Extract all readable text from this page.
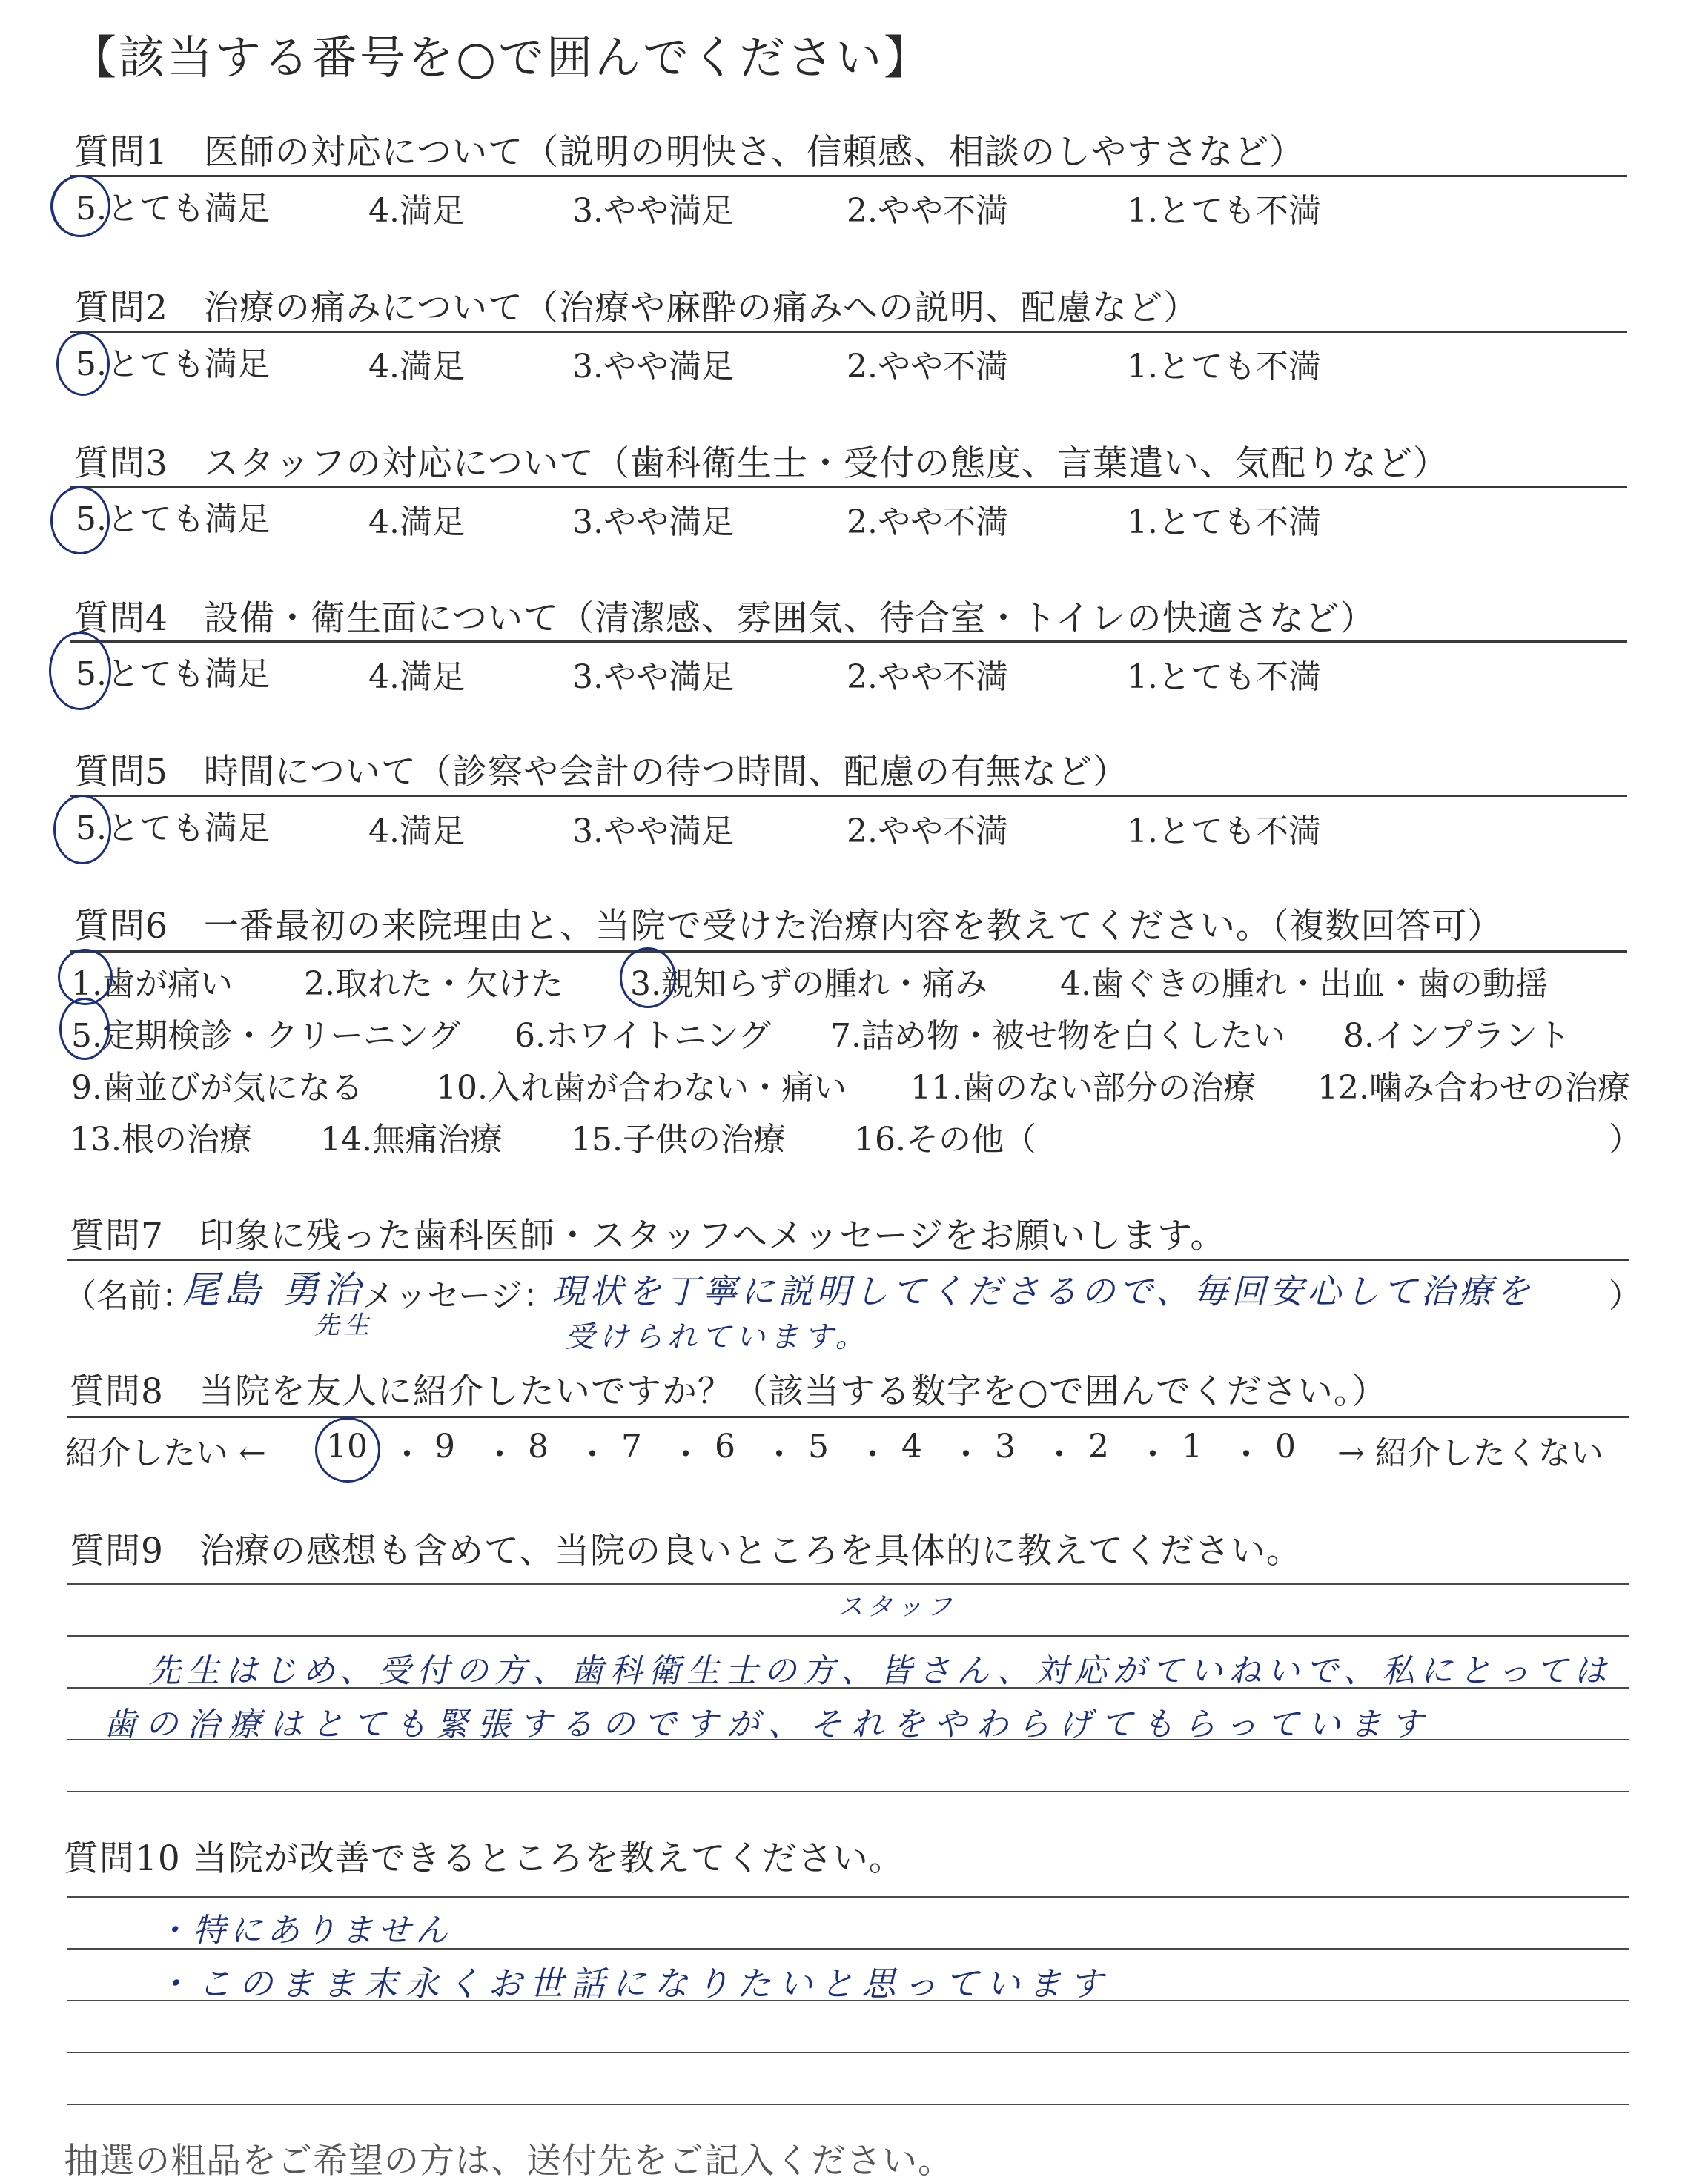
【該当する番号を○で囲んでください】
質問1　医師の対応について（説明の明快さ、信頼感、相談のしやすさなど）
5.とても満足	4.満足	3.やや満足	2.やや不満	1.とても不満
質問2　治療の痛みについて（治療や麻酔の痛みへの説明、配慮など）
5.とても満足	4.満足	3.やや満足	2.やや不満	1.とても不満
質問3　スタッフの対応について（歯科衛生士・受付の態度、言葉遣い、気配りなど）
5.とても満足	4.満足	3.やや満足	2.やや不満	1.とても不満
質問4　設備・衛生面について（清潔感、雰囲気、待合室・トイレの快適さなど）
5.とても満足	4.満足	3.やや満足	2.やや不満	1.とても不満
質問5　時間について（診察や会計の待つ時間、配慮の有無など）
5.とても満足	4.満足	3.やや満足	2.やや不満	1.とても不満
質問6　一番最初の来院理由と、当院で受けた治療内容を教えてください。（複数回答可）
1.歯が痛い 2.取れた・欠けた 3.親知らずの腫れ・痛み 4.歯ぐきの腫れ・出血・歯の動揺
5.定期検診・クリーニング 6.ホワイトニング 7.詰め物・被せ物を白くしたい 8.インプラント
9.歯並びが気になる 10.入れ歯が合わない・痛い 11.歯のない部分の治療 12.噛み合わせの治療
13.根の治療 14.無痛治療 15.子供の治療 16.その他（	）
質問7　印象に残った歯科医師・スタッフへメッセージをお願いします。
（名前：
尾島 勇治
先生
メッセージ：
現状を丁寧に説明してくださるので、毎回安心して治療を
受けられています。
）
質問8　当院を友人に紹介したいですか？（該当する数字を○で囲んでください。）
紹介したい ← 10 ・ 9 ・ 8 ・ 7 ・ 6 ・ 5 ・ 4 ・ 3 ・ 2 ・ 1 ・ 0 → 紹介したくない
質問9　治療の感想も含めて、当院の良いところを具体的に教えてください。
スタッフ
先生はじめ、受付の方、歯科衛生士の方、皆さん、対応がていねいで、私にとっては
歯の治療はとても緊張するのですが、それをやわらげてもらっています
質問10 当院が改善できるところを教えてください。
・特にありません
・このまま末永くお世話になりたいと思っています
抽選の粗品をご希望の方は、送付先をご記入ください。
